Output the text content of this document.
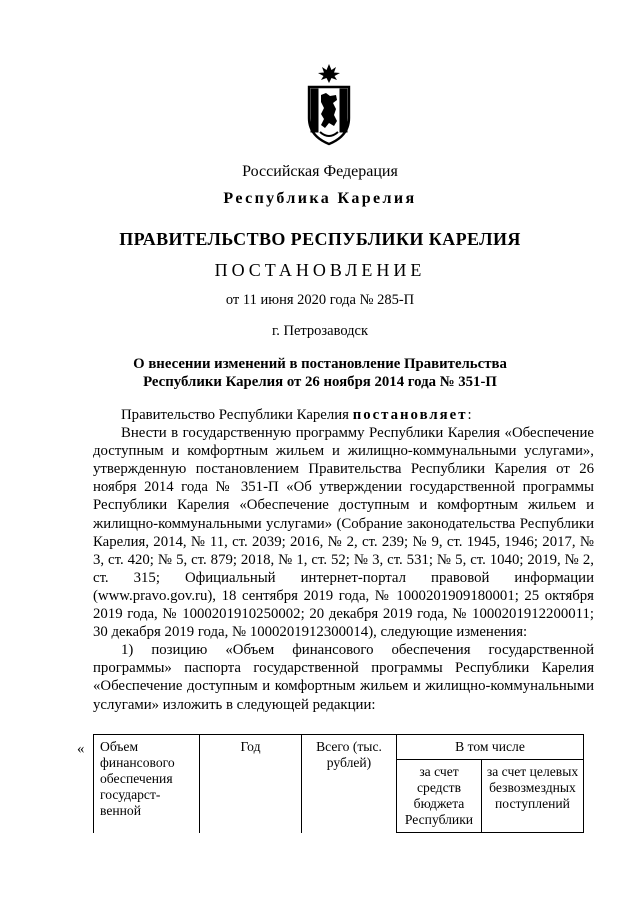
Российская Федерация
Республика Карелия
ПРАВИТЕЛЬСТВО РЕСПУБЛИКИ КАРЕЛИЯ
ПОСТАНОВЛЕНИЕ
от 11 июня 2020 года № 285-П
г. Петрозаводск
О внесении изменений в постановление Правительства
Республики Карелия от 26 ноября 2014 года № 351-П

Правительство Республики Карелия постановляет:

Внести в государственную программу Республики Карелия «Обеспечение доступным и комфортным жильем и жилищно-коммунальными услугами», утвержденную постановлением Правительства Республики Карелия от 26 ноября 2014 года № 351-П «Об утверждении государственной программы Республики Карелия «Обеспечение доступным и комфортным жильем и жилищно-коммунальными услугами» (Собрание законодательства Республики Карелия, 2014, № 11, ст. 2039; 2016, № 2, ст. 239; № 9, ст. 1945, 1946; 2017, № 3, ст. 420; № 5, ст. 879; 2018, № 1, ст. 52; № 3, ст. 531; № 5, ст. 1040; 2019, № 2, ст. 315; Официальный интернет-портал правовой информации (www.pravo.gov.ru), 18 сентября 2019 года, № 1000201909180001; 25 октября 2019 года, № 1000201910250002; 20 декабря 2019 года, № 1000201912200011; 30 декабря 2019 года, № 1000201912300014), следующие изменения:

1) позицию «Объем финансового обеспечения государственной программы» паспорта государственной программы Республики Карелия «Обеспечение доступным и комфортным жильем и жилищно-коммунальными услугами» изложить в следующей редакции:

« Объем финансового обеспечения государст-венной	Год	Всего (тыс. рублей)	В том числе	
			за счет средств бюджета Республики	за счет целевых безвозмездных поступлений
